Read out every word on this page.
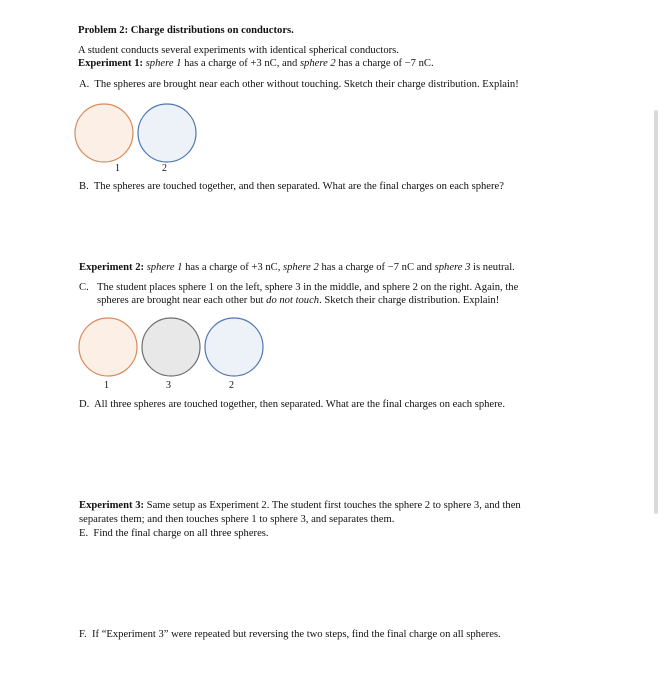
Problem 2: Charge distributions on conductors.
A student conducts several experiments with identical spherical conductors.
Experiment 1: sphere 1 has a charge of +3 nC, and sphere 2 has a charge of −7 nC.
A. The spheres are brought near each other without touching. Sketch their charge distribution. Explain!
1	2
B. The spheres are touched together, and then separated. What are the final charges on each sphere?
Experiment 2: sphere 1 has a charge of +3 nC, sphere 2 has a charge of −7 nC and sphere 3 is neutral.
C. The student places sphere 1 on the left, sphere 3 in the middle, and sphere 2 on the right. Again, the
spheres are brought near each other but do not touch. Sketch their charge distribution. Explain!
1	3	2
D. All three spheres are touched together, then separated. What are the final charges on each sphere.
Experiment 3: Same setup as Experiment 2. The student first touches the sphere 2 to sphere 3, and then
separates them; and then touches sphere 1 to sphere 3, and separates them.
E. Find the final charge on all three spheres.
F. If “Experiment 3” were repeated but reversing the two steps, find the final charge on all spheres.
